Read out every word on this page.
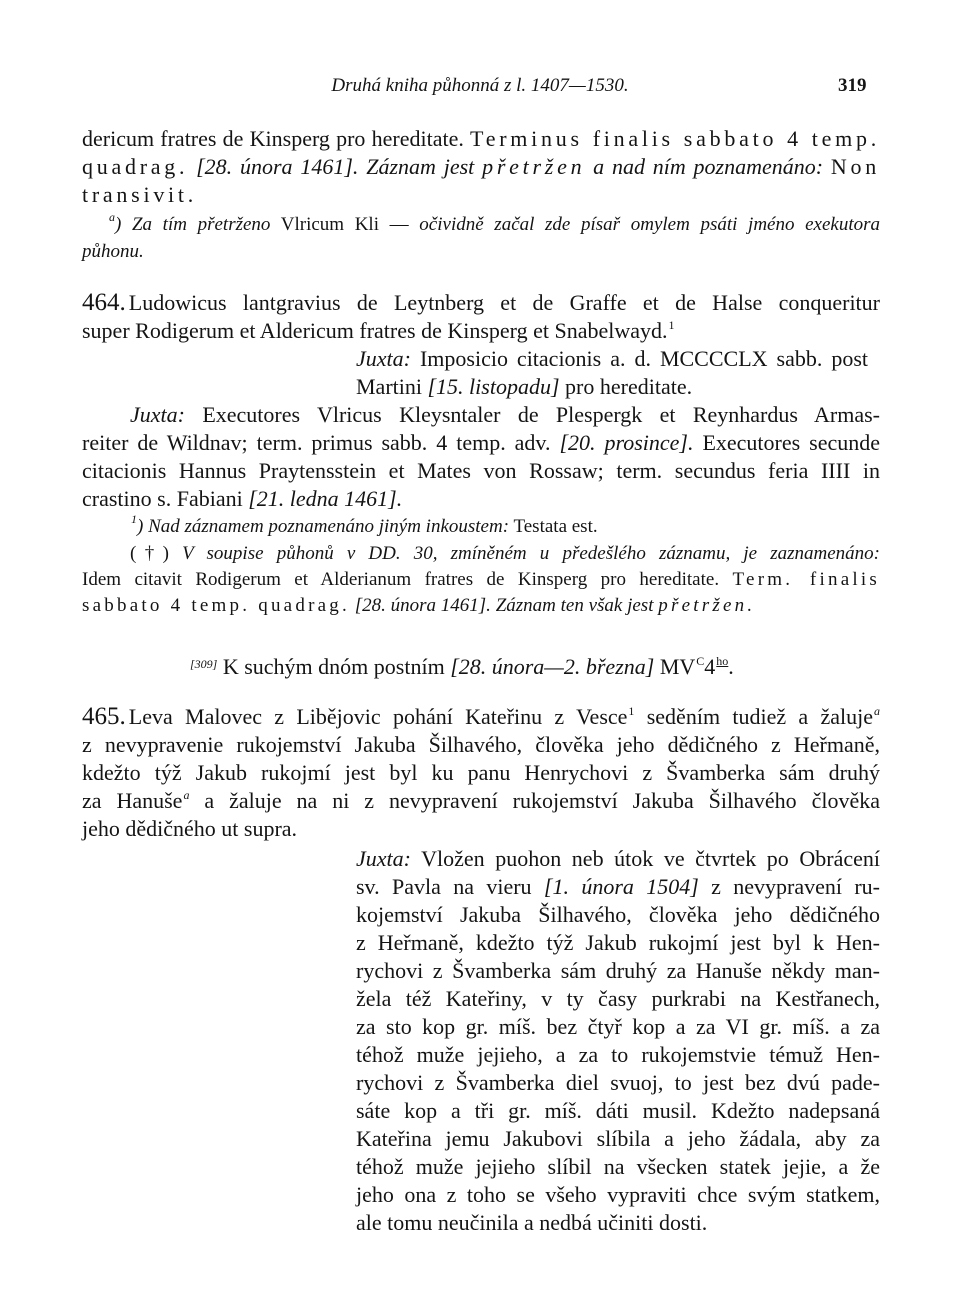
Druhá kniha půhonná z l. 1407—1530.	319
dericum fratres de Kinsperg pro hereditate. Terminus finalis sabbato 4 temp.
quadrag. [28. února 1461]. Záznam jest přetržen a nad ním poznamenáno: Non
transivit.
$^a$) Za tím přetrženo Vlricum Kli — očividně začal zde písař omylem psáti jméno exekutora
půhonu.
464. Ludowicus lantgravius de Leytnberg et de Graffe et de Halse conqueritur
super Rodigerum et Aldericum fratres de Kinsperg et Snabelwayd.$^1$
Juxta: Imposicio citacionis a. d. MCCCCLX sabb. post
Martini [15. listopadu] pro hereditate.
Juxta: Executores Vlricus Kleysntaler de Plespergk et Reynhardus Armas-
reiter de Wildnav; term. primus sabb. 4 temp. adv. [20. prosince]. Executores secunde
citacionis Hannus Praytensstein et Mates von Rossaw; term. secundus feria IIII in
crastino s. Fabiani [21. ledna 1461].
$^1$) Nad záznamem poznamenáno jiným inkoustem: Testata est.
(†) V soupise půhonů v DD. 30, zmíněném u předešlého záznamu, je zaznamenáno:
Idem citavit Rodigerum et Alderianum fratres de Kinsperg pro hereditate. Term. finalis
sabbato 4 temp. quadrag. [28. února 1461]. Záznam ten však jest přetržen.
[309] K suchým dnóm postním [28. února—2. března] $MV^C4^{ho}$.
465. Leva Malovec z Libějovic pohání Kateřinu z Vesce$^1$ seděním tudiež a žaluje$^a$
z nevypravenie rukojemství Jakuba Šilhavého, člověka jeho dědičného z Heřmaně,
kdežto týž Jakub rukojmí jest byl ku panu Henrychovi z Švamberka sám druhý
za Hanuše$^a$ a žaluje na ni z nevypravení rukojemství Jakuba Šilhavého člověka
jeho dědičného ut supra.
Juxta: Vložen puohon neb útok ve čtvrtek po Obrácení
sv. Pavla na vieru [1. února 1504] z nevypravení ru-
kojemství Jakuba Šilhavého, člověka jeho dědičného
z Heřmaně, kdežto týž Jakub rukojmí jest byl k Hen-
rychovi z Švamberka sám druhý za Hanuše někdy man-
žela též Kateřiny, v ty časy purkrabi na Kestřanech,
za sto kop gr. míš. bez čtyř kop a za VI gr. míš. a za
téhož muže jejieho, a za to rukojemstvie témuž Hen-
rychovi z Švamberka diel svuoj, to jest bez dvú pade-
sáte kop a tři gr. míš. dáti musil. Kdežto nadepsaná
Kateřina jemu Jakubovi slíbila a jeho žádala, aby za
téhož muže jejieho slíbil na všecken statek jejie, a že
jeho ona z toho se všeho vypraviti chce svým statkem,
ale tomu neučinila a nedbá učiniti dosti.
